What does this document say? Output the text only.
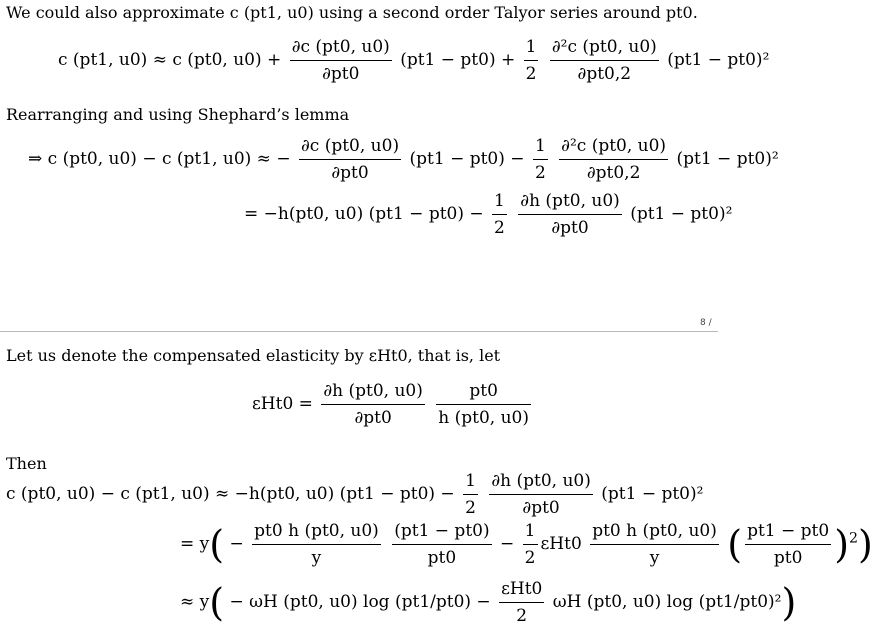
We could also approximate c (pt1, u0) using a second order Talyor series around pt0.
c (pt1, u0) ≈ c (pt0, $u0) + \frac{\partial c (pt0, u0)}{\partial pt0} (pt1 - pt0) + \frac{1}{2}$
$\frac{\text{∂²c (pt0, u0)}}{\partial pt0,2} (pt1 - pt0)^2$
Rearranging and using Shephard’s lemma
⇒ c (pt0, u0) − c (pt1, u0) ≈ − $\frac{\partial c (pt0, u0)}{\partial pt0} (pt1 - pt0) - \frac{1}{2}$
$\frac{\text{∂²c (pt0, u0)}}{\partial pt0,2} (pt1 - pt0)^2$
= −h(pt0, u0) $(pt1 - pt0) - \frac{1}{2}$
$\frac{\partial h (pt0, u0)}{\partial pt0} (pt1 - pt0)^2$
8 /
Let us denote the compensated elasticity by εHt0, that is, let
$\varepsilon Ht0 = \frac{\partial h (pt0, u0)}{\partial pt0}$
$\frac{pt0}{h (pt0, u0)}$
Then
c (pt0, u0) − c (pt1, u0) ≈ −h(pt0, u0) $(pt1 - pt0) - \frac{1}{2}$
$\frac{\partial h (pt0, u0)}{\partial pt0} (pt1 - pt0)^2$
= $y( - \frac{pt0 h (pt0, u0)}{y}$
$\frac{(pt1 - pt0)}{pt0} - \frac{1}{2} \varepsilon Ht0 \frac{pt0 h (pt0, u0)}{y}$ ( $\frac{pt1 - pt0}{pt0} )^2$)
≈ y( − ωH (pt0, u0) $\log (pt1/pt0) - \frac{\text{εHt0}}{2}$ ωH (pt0, u0) log (pt1/pt0)²)
